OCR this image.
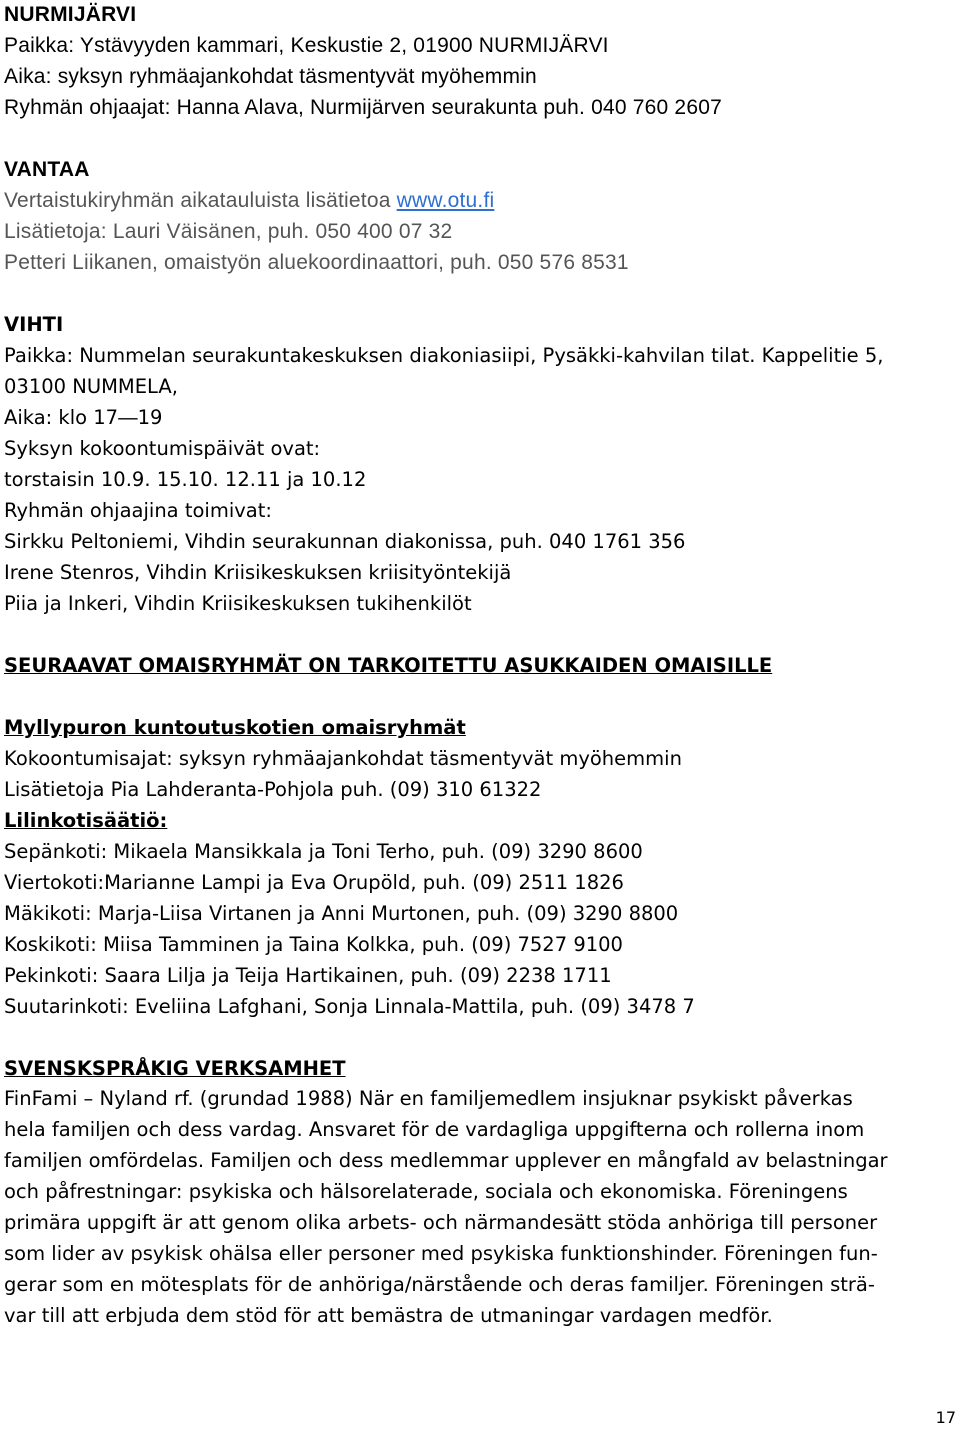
NURMIJÄRVI
Paikka: Ystävyyden kammari, Keskustie 2, 01900 NURMIJÄRVI
Aika: syksyn ryhmäajankohdat täsmentyvät myöhemmin
Ryhmän ohjaajat: Hanna Alava, Nurmijärven seurakunta puh. 040 760 2607
VANTAA
Vertaistukiryhmän aikatauluista lisätietoa www.otu.fi
Lisätietoja: Lauri Väisänen, puh. 050 400 07 32
Petteri Liikanen, omaistyön aluekoordinaattori, puh. 050 576 8531
VIHTI
Paikka: Nummelan seurakuntakeskuksen diakoniasiipi, Pysäkki-kahvilan tilat. Kappelitie 5,
03100 NUMMELA,
Aika: klo 17―19
Syksyn kokoontumispäivät ovat:
torstaisin 10.9. 15.10. 12.11 ja 10.12
Ryhmän ohjaajina toimivat:
Sirkku Peltoniemi, Vihdin seurakunnan diakonissa, puh. 040 1761 356
Irene Stenros, Vihdin Kriisikeskuksen kriisityöntekijä
Piia ja Inkeri, Vihdin Kriisikeskuksen tukihenkilöt
SEURAAVAT OMAISRYHMÄT ON TARKOITETTU ASUKKAIDEN OMAISILLE
Myllypuron kuntoutuskotien omaisryhmät
Kokoontumisajat: syksyn ryhmäajankohdat täsmentyvät myöhemmin
Lisätietoja Pia Lahderanta-Pohjola puh. (09) 310 61322
Lilinkotisäätiö:
Sepänkoti: Mikaela Mansikkala ja Toni Terho, puh. (09) 3290 8600
Viertokoti:Marianne Lampi ja Eva Orupöld, puh. (09) 2511 1826
Mäkikoti: Marja-Liisa Virtanen ja Anni Murtonen, puh. (09) 3290 8800
Koskikoti: Miisa Tamminen ja Taina Kolkka, puh. (09) 7527 9100
Pekinkoti: Saara Lilja ja Teija Hartikainen, puh. (09) 2238 1711
Suutarinkoti: Eveliina Lafghani, Sonja Linnala-Mattila, puh. (09) 3478 7
SVENSKSPRÅKIG VERKSAMHET
FinFami – Nyland rf. (grundad 1988) När en familjemedlem insjuknar psykiskt påverkas
hela familjen och dess vardag. Ansvaret för de vardagliga uppgifterna och rollerna inom
familjen omfördelas. Familjen och dess medlemmar upplever en mångfald av belastningar
och påfrestningar: psykiska och hälsorelaterade, sociala och ekonomiska. Föreningens
primära uppgift är att genom olika arbets- och närmandesätt stöda anhöriga till personer
som lider av psykisk ohälsa eller personer med psykiska funktionshinder. Föreningen fun-
gerar som en mötesplats för de anhöriga/närstående och deras familjer. Föreningen strä-
var till att erbjuda dem stöd för att bemästra de utmaningar vardagen medför.
17
